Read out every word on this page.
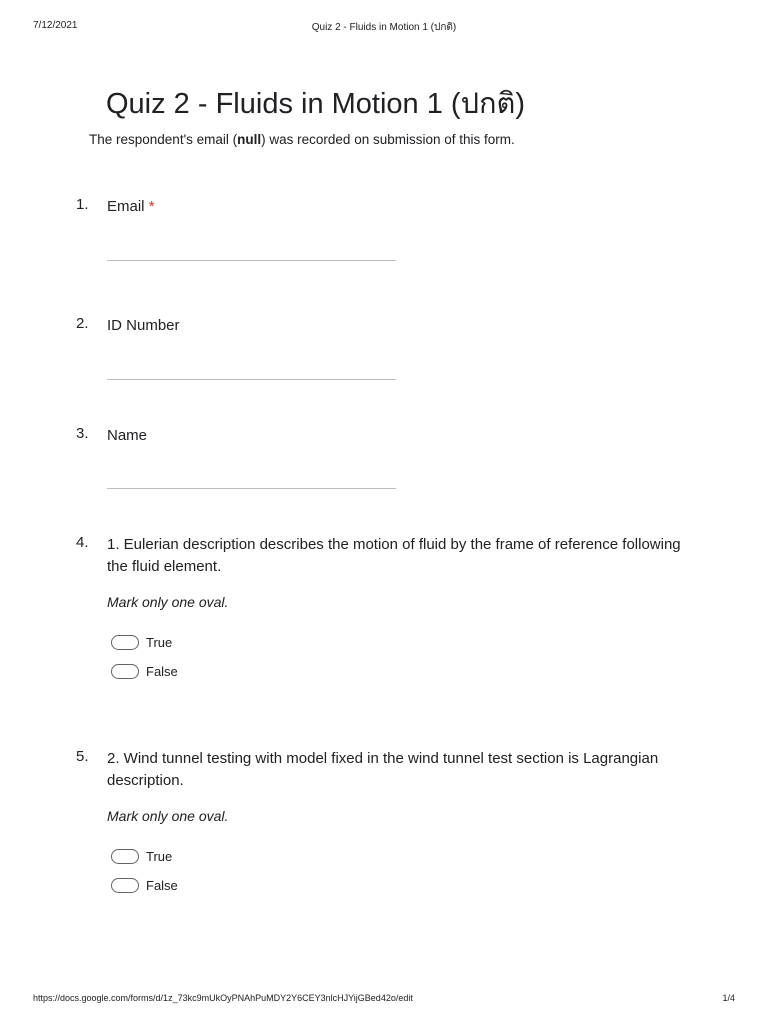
7/12/2021	Quiz 2 - Fluids in Motion 1 (ปกติ)
Quiz 2 - Fluids in Motion 1 (ปกติ)
The respondent's email (null) was recorded on submission of this form.
1. Email *
2. ID Number
3. Name
4. 1. Eulerian description describes the motion of fluid by the frame of reference following the fluid element.
Mark only one oval.
True
False
5. 2. Wind tunnel testing with model fixed in the wind tunnel test section is Lagrangian description.
Mark only one oval.
True
False
https://docs.google.com/forms/d/1z_73kc9mUkOyPNAhPuMDY2Y6CEY3nlcHJYijGBed42o/edit	1/4
